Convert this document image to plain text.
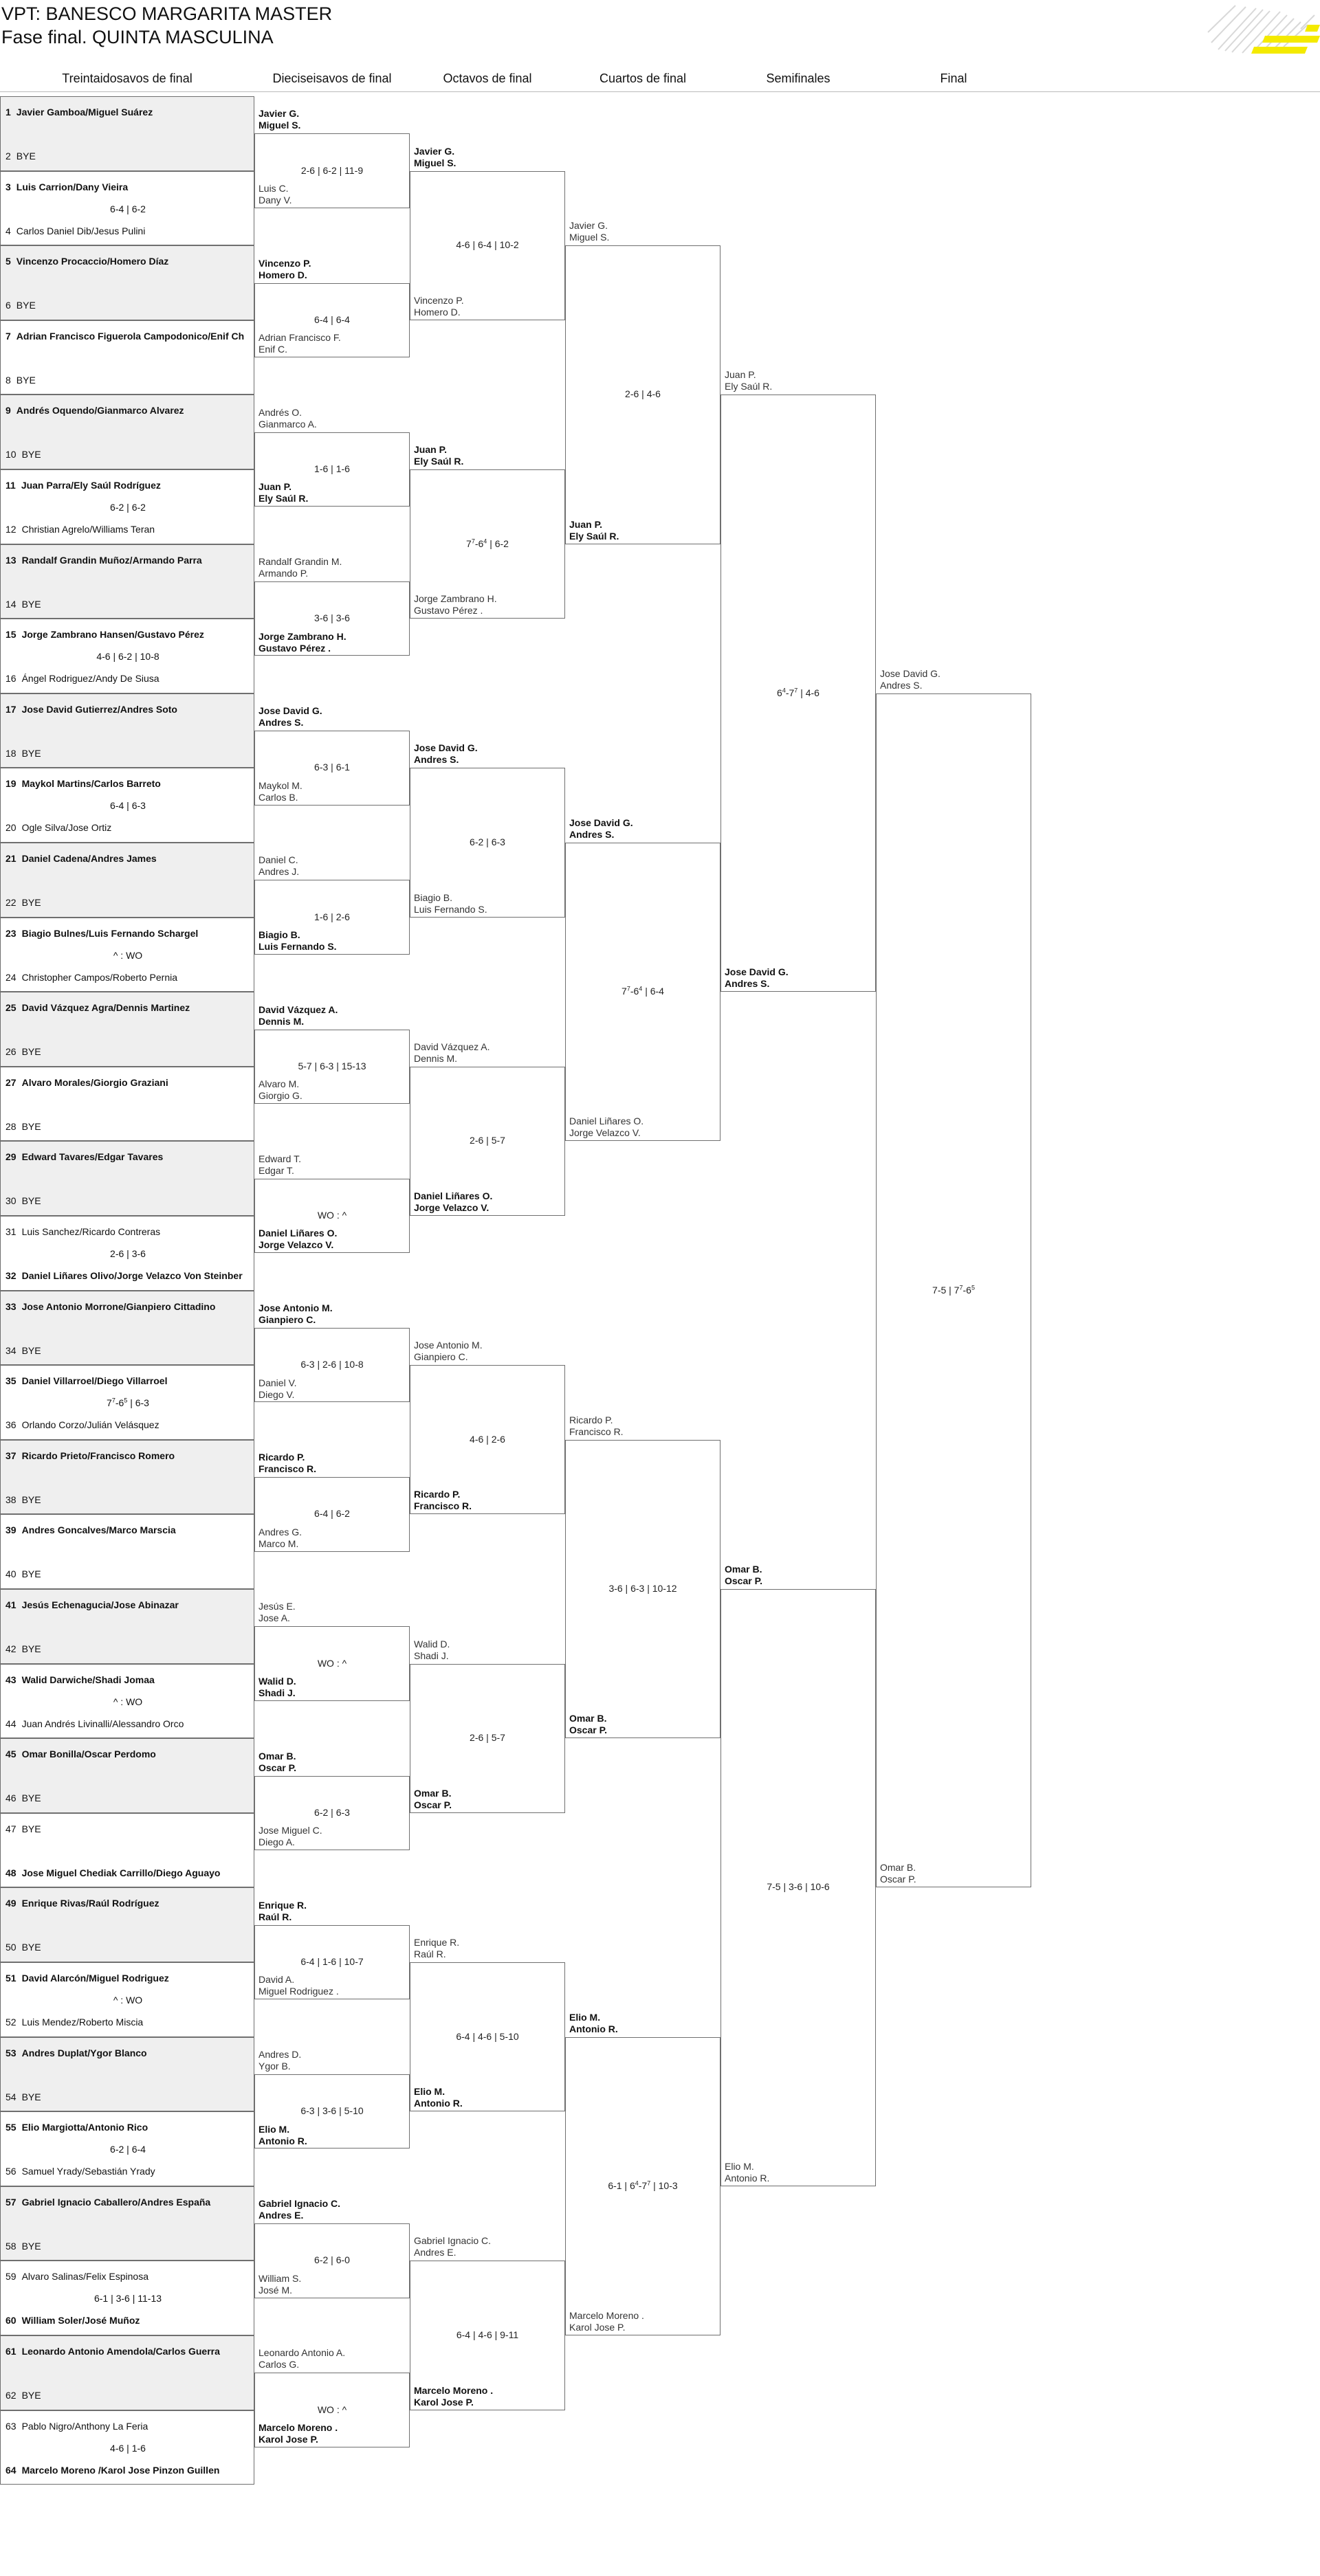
VPT: BANESCO MARGARITA MASTER
Fase final. QUINTA MASCULINA
Treintaidosavos de final	Dieciseisavos de final	Octavos de final	Cuartos de final	Semifinales	Final
1 Javier Gamboa/Miguel Suárez
2 BYE
3 Luis Carrion/Dany Vieira
4 Carlos Daniel Dib/Jesus Pulini
6-4 | 6-2
5 Vincenzo Procaccio/Homero Díaz
6 BYE
7 Adrian Francisco Figuerola Campodonico/Enif Ch
8 BYE
9 Andrés Oquendo/Gianmarco Alvarez
10 BYE
11 Juan Parra/Ely Saúl Rodríguez
12 Christian Agrelo/Williams Teran
6-2 | 6-2
13 Randalf Grandin Muñoz/Armando Parra
14 BYE
15 Jorge Zambrano Hansen/Gustavo Pérez
16 Ángel Rodriguez/Andy De Siusa
4-6 | 6-2 | 10-8
17 Jose David Gutierrez/Andres Soto
18 BYE
19 Maykol Martins/Carlos Barreto
20 Ogle Silva/Jose Ortiz
6-4 | 6-3
21 Daniel Cadena/Andres James
22 BYE
23 Biagio Bulnes/Luis Fernando Schargel
24 Christopher Campos/Roberto Pernia
^ : WO
25 David Vázquez Agra/Dennis Martinez
26 BYE
27 Alvaro Morales/Giorgio Graziani
28 BYE
29 Edward Tavares/Edgar Tavares
30 BYE
31 Luis Sanchez/Ricardo Contreras
32 Daniel Liñares Olivo/Jorge Velazco Von Steinber
2-6 | 3-6
33 Jose Antonio Morrone/Gianpiero Cittadino
34 BYE
35 Daniel Villarroel/Diego Villarroel
36 Orlando Corzo/Julián Velásquez
$7^7-6^5$ | 6-3
37 Ricardo Prieto/Francisco Romero
38 BYE
39 Andres Goncalves/Marco Marscia
40 BYE
41 Jesús Echenagucia/Jose Abinazar
42 BYE
43 Walid Darwiche/Shadi Jomaa
44 Juan Andrés Livinalli/Alessandro Orco
^ : WO
45 Omar Bonilla/Oscar Perdomo
46 BYE
47 BYE
48 Jose Miguel Chediak Carrillo/Diego Aguayo
49 Enrique Rivas/Raúl Rodríguez
50 BYE
51 David Alarcón/Miguel Rodriguez
52 Luis Mendez/Roberto Miscia
^ : WO
53 Andres Duplat/Ygor Blanco
54 BYE
55 Elio Margiotta/Antonio Rico
56 Samuel Yrady/Sebastián Yrady
6-2 | 6-4
57 Gabriel Ignacio Caballero/Andres España
58 BYE
59 Alvaro Salinas/Felix Espinosa
60 William Soler/José Muñoz
6-1 | 3-6 | 11-13
61 Leonardo Antonio Amendola/Carlos Guerra
62 BYE
63 Pablo Nigro/Anthony La Feria
64 Marcelo Moreno /Karol Jose Pinzon Guillen
4-6 | 1-6
Javier G.
Miguel S.
Luis C.
Dany V.
2-6 | 6-2 | 11-9
Vincenzo P.
Homero D.
Adrian Francisco F.
Enif C.
6-4 | 6-4
Andrés O.
Gianmarco A.
Juan P.
Ely Saúl R.
1-6 | 1-6
Randalf Grandin M.
Armando P.
Jorge Zambrano H.
Gustavo Pérez .
3-6 | 3-6
Jose David G.
Andres S.
Maykol M.
Carlos B.
6-3 | 6-1
Daniel C.
Andres J.
Biagio B.
Luis Fernando S.
1-6 | 2-6
David Vázquez A.
Dennis M.
Alvaro M.
Giorgio G.
5-7 | 6-3 | 15-13
Edward T.
Edgar T.
Daniel Liñares O.
Jorge Velazco V.
WO : ^
Jose Antonio M.
Gianpiero C.
Daniel V.
Diego V.
6-3 | 2-6 | 10-8
Ricardo P.
Francisco R.
Andres G.
Marco M.
6-4 | 6-2
Jesús E.
Jose A.
Walid D.
Shadi J.
WO : ^
Omar B.
Oscar P.
Jose Miguel C.
Diego A.
6-2 | 6-3
Enrique R.
Raúl R.
David A.
Miguel Rodriguez .
6-4 | 1-6 | 10-7
Andres D.
Ygor B.
Elio M.
Antonio R.
6-3 | 3-6 | 5-10
Gabriel Ignacio C.
Andres E.
William S.
José M.
6-2 | 6-0
Leonardo Antonio A.
Carlos G.
Marcelo Moreno .
Karol Jose P.
WO : ^
Javier G.
Miguel S.
Vincenzo P.
Homero D.
4-6 | 6-4 | 10-2
Juan P.
Ely Saúl R.
Jorge Zambrano H.
Gustavo Pérez .
$7^7-6^4$ | 6-2
Jose David G.
Andres S.
Biagio B.
Luis Fernando S.
6-2 | 6-3
David Vázquez A.
Dennis M.
Daniel Liñares O.
Jorge Velazco V.
2-6 | 5-7
Jose Antonio M.
Gianpiero C.
Ricardo P.
Francisco R.
4-6 | 2-6
Walid D.
Shadi J.
Omar B.
Oscar P.
2-6 | 5-7
Enrique R.
Raúl R.
Elio M.
Antonio R.
6-4 | 4-6 | 5-10
Gabriel Ignacio C.
Andres E.
Marcelo Moreno .
Karol Jose P.
6-4 | 4-6 | 9-11
Javier G.
Miguel S.
Juan P.
Ely Saúl R.
2-6 | 4-6
Jose David G.
Andres S.
Daniel Liñares O.
Jorge Velazco V.
$7^7-6^4$ | 6-4
Ricardo P.
Francisco R.
Omar B.
Oscar P.
3-6 | 6-3 | 10-12
Elio M.
Antonio R.
Marcelo Moreno .
Karol Jose P.
6-1 | $6^4-7^7$ | 10-3
Juan P.
Ely Saúl R.
Jose David G.
Andres S.
$6^4-7^7$ | 4-6
Omar B.
Oscar P.
Elio M.
Antonio R.
7-5 | 3-6 | 10-6
Jose David G.
Andres S.
Omar B.
Oscar P.
7-5 | $7^7-6^5$
